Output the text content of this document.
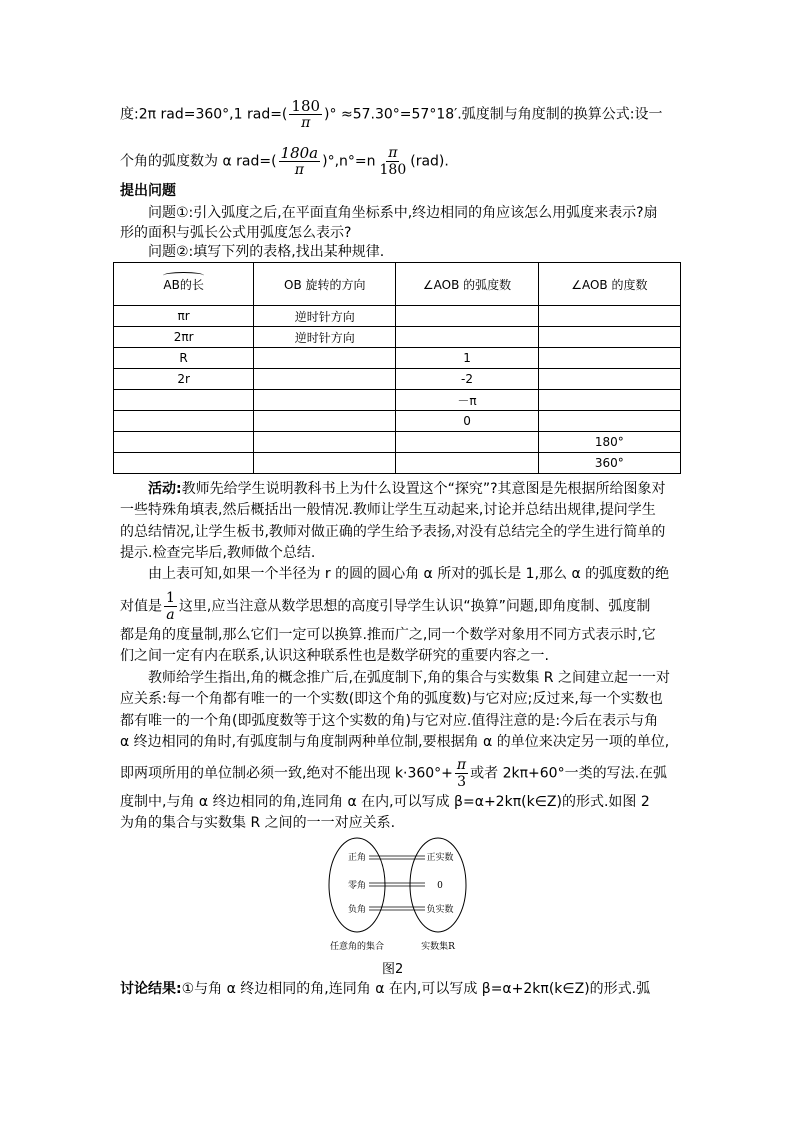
度:2π rad=360°,1 $rad=( \frac{180}{\pi}$ )° ≈57.30°=57°18′.弧度制与角度制的换算公式:设一
个角的弧度数为 α $rad=( \frac{180a}{\pi} )^\circ,n^\circ=n \frac{\pi}{180} (rad)$.
提出问题
问题①:引入弧度之后,在平面直角坐标系中,终边相同的角应该怎么用弧度来表示?扇
形的面积与弧长公式用弧度怎么表示?
问题②:填写下列的表格,找出某种规律.
AB的长	OB 旋转的方向	∠AOB 的弧度数	∠AOB 的度数
πr	逆时针方向		
2πr	逆时针方向		
R		1	
2r		-2	
		－π	
		0	
			180°
			360°
活动:教师先给学生说明教科书上为什么设置这个“探究”?其意图是先根据所给图象对
一些特殊角填表,然后概括出一般情况.教师让学生互动起来,讨论并总结出规律,提问学生
的总结情况,让学生板书,教师对做正确的学生给予表扬,对没有总结完全的学生进行简单的
提示.检查完毕后,教师做个总结.
由上表可知,如果一个半径为 r 的圆的圆心角 α 所对的弧长是 1,那么 α 的弧度数的绝
对值是 $\frac{1}{a}$ 这里,应当注意从数学思想的高度引导学生认识“换算”问题,即角度制、弧度制
都是角的度量制,那么它们一定可以换算.推而广之,同一个数学对象用不同方式表示时,它
们之间一定有内在联系,认识这种联系性也是数学研究的重要内容之一.
教师给学生指出,角的概念推广后,在弧度制下,角的集合与实数集 R 之间建立起一一对
应关系:每一个角都有唯一的一个实数(即这个角的弧度数)与它对应;反过来,每一个实数也
都有唯一的一个角(即弧度数等于这个实数的角)与它对应.值得注意的是:今后在表示与角
α 终边相同的角时,有弧度制与角度制两种单位制,要根据角 α 的单位来决定另一项的单位,
即两项所用的单位制必须一致,绝对不能出现 $k\cdot 360^\circ+ \frac{\pi}{3}$ 或者 2kπ+60°一类的写法.在弧
度制中,与角 α 终边相同的角,连同角 α 在内,可以写成 β=α+2kπ(k∈Z)的形式.如图 2
为角的集合与实数集 R 之间的一一对应关系.
正角
零角
负角
正实数
0
负实数
任意角的集合	实数集R
图2
讨论结果:①与角 α 终边相同的角,连同角 α 在内,可以写成 β=α+2kπ(k∈Z)的形式.弧
